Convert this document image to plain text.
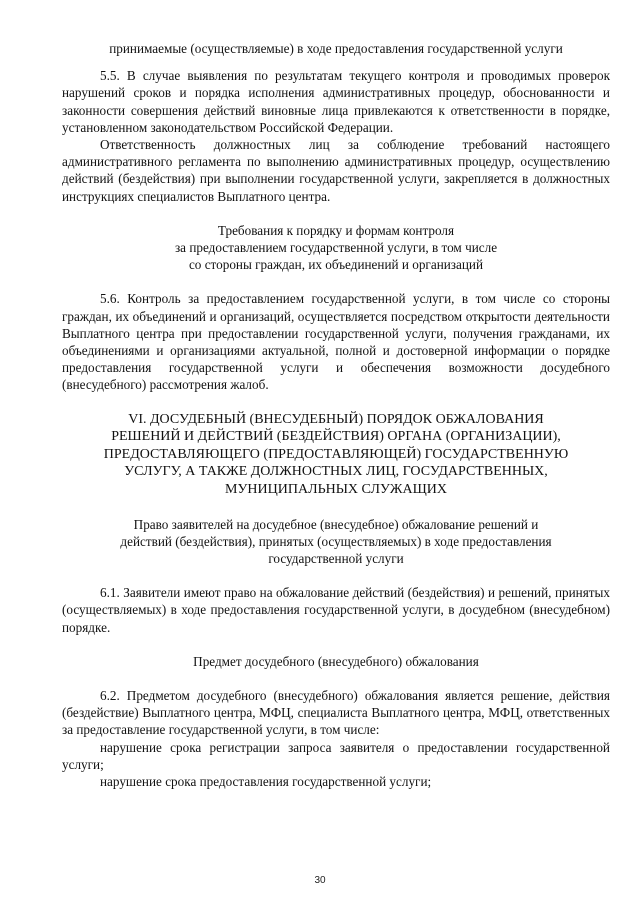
принимаемые (осуществляемые) в ходе предоставления государственной услуги

5.5. В случае выявления по результатам текущего контроля и проводимых проверок нарушений сроков и порядка исполнения административных процедур, обоснованности и законности совершения действий виновные лица привлекаются к ответственности в порядке, установленном законодательством Российской Федерации.

Ответственность должностных лиц за соблюдение требований настоящего административного регламента по выполнению административных процедур, осуществлению действий (бездействия) при выполнении государственной услуги, закрепляется в должностных инструкциях специалистов Выплатного центра.

Требования к порядку и формам контроля

за предоставлением государственной услуги, в том числе

со стороны граждан, их объединений и организаций

5.6. Контроль за предоставлением государственной услуги, в том числе со стороны граждан, их объединений и организаций, осуществляется посредством открытости деятельности Выплатного центра при предоставлении государственной услуги, получения гражданами, их объединениями и организациями актуальной, полной и достоверной информации о порядке предоставления государственной услуги и обеспечения возможности досудебного (внесудебного) рассмотрения жалоб.

VI. ДОСУДЕБНЫЙ (ВНЕСУДЕБНЫЙ) ПОРЯДОК ОБЖАЛОВАНИЯ

РЕШЕНИЙ И ДЕЙСТВИЙ (БЕЗДЕЙСТВИЯ) ОРГАНА (ОРГАНИЗАЦИИ),

ПРЕДОСТАВЛЯЮЩЕГО (ПРЕДОСТАВЛЯЮЩЕЙ) ГОСУДАРСТВЕННУЮ

УСЛУГУ, А ТАКЖЕ ДОЛЖНОСТНЫХ ЛИЦ, ГОСУДАРСТВЕННЫХ,

МУНИЦИПАЛЬНЫХ СЛУЖАЩИХ

Право заявителей на досудебное (внесудебное) обжалование решений и

действий (бездействия), принятых (осуществляемых) в ходе предоставления

государственной услуги

6.1. Заявители имеют право на обжалование действий (бездействия) и решений, принятых (осуществляемых) в ходе предоставления государственной услуги, в досудебном (внесудебном) порядке.

Предмет досудебного (внесудебного) обжалования

6.2. Предметом досудебного (внесудебного) обжалования является решение, действия (бездействие) Выплатного центра, МФЦ, специалиста Выплатного центра, МФЦ, ответственных за предоставление государственной услуги, в том числе:

нарушение срока регистрации запроса заявителя о предоставлении государственной услуги;

нарушение срока предоставления государственной услуги;

30
